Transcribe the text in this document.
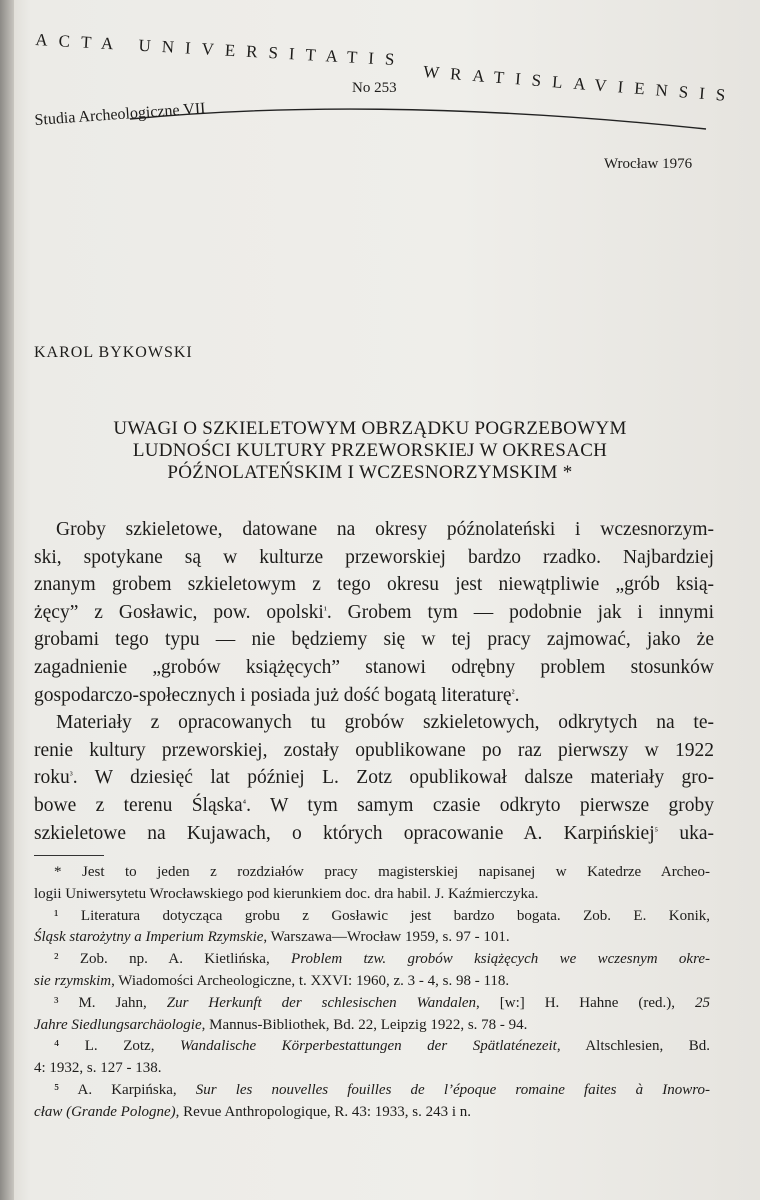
ACTA UNIVERSITATIS
WRATISLAVIENSIS
No 253
Studia Archeologiczne VII
Wrocław 1976
KAROL BYKOWSKI
UWAGI O SZKIELETOWYM OBRZĄDKU POGRZEBOWYM
LUDNOŚCI KULTURY PRZEWORSKIEJ W OKRESACH
PÓŹNOLATEŃSKIM I WCZESNORZYMSKIM *

Groby szkieletowe, datowane na okresy późnolateński i wczesnorzym-
ski, spotykane są w kulturze przeworskiej bardzo rzadko. Najbardziej
znanym grobem szkieletowym z tego okresu jest niewątpliwie „grób ksią-
żęcy” z Gosławic, pow. opolski$^{^1}$. Grobem tym — podobnie jak i innymi
grobami tego typu — nie będziemy się w tej pracy zajmować, jako że
zagadnienie „grobów książęcych” stanowi odrębny problem stosunków
gospodarczo-społecznych i posiada już dość bogatą literaturę$^{^2}$.

Materiały z opracowanych tu grobów szkieletowych, odkrytych na te-
renie kultury przeworskiej, zostały opublikowane po raz pierwszy w 1922
roku$^{^3}$. W dziesięć lat później L. Zotz opublikował dalsze materiały gro-
bowe z terenu Śląska$^{^4}$. W tym samym czasie odkryto pierwsze groby
szkieletowe na Kujawach, o których opracowanie A. Karpińskiej$^{^5}$ uka-

* Jest to jeden z rozdziałów pracy magisterskiej napisanej w Katedrze Archeo-
logii Uniwersytetu Wrocławskiego pod kierunkiem doc. dra habil. J. Kaźmierczyka.
¹ Literatura dotycząca grobu z Gosławic jest bardzo bogata. Zob. E. Konik,
Śląsk starożytny a Imperium Rzymskie, Warszawa—Wrocław 1959, s. 97 - 101.
² Zob. np. A. Kietlińska, Problem tzw. grobów książęcych we wczesnym okre-
sie rzymskim, Wiadomości Archeologiczne, t. XXVI: 1960, z. 3 - 4, s. 98 - 118.
³ M. Jahn, Zur Herkunft der schlesischen Wandalen, [w:] H. Hahne (red.), 25
Jahre Siedlungsarchäologie, Mannus-Bibliothek, Bd. 22, Leipzig 1922, s. 78 - 94.
⁴ L. Zotz, Wandalische Körperbestattungen der Spätlaténezeit, Altschlesien, Bd.
4: 1932, s. 127 - 138.
⁵ A. Karpińska, Sur les nouvelles fouilles de l’époque romaine faites à Inowro-
cław (Grande Pologne), Revue Anthropologique, R. 43: 1933, s. 243 i n.
